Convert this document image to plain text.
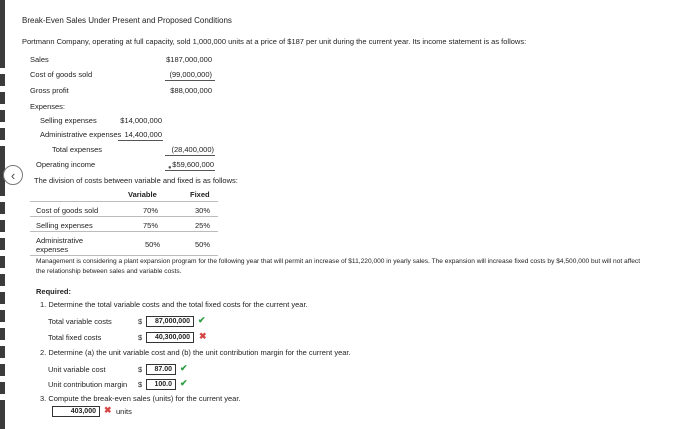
‹
Break-Even Sales Under Present and Proposed Conditions
Portmann Company, operating at full capacity, sold 1,000,000 units at a price of $187 per unit during the current year. Its income statement is as follows:
Sales	$187,000,000
Cost of goods sold	(99,000,000)
Gross profit	$88,000,000
Expenses:
Selling expenses	$14,000,000
Administrative expenses 14,400,000
Total expenses	(28,400,000)
Operating income	$59,600,000
●
The division of costs between variable and fixed is as follows:
Variable	Fixed
Cost of goods sold	70%	30%
Selling expenses	75%	25%
Administrative expenses
50%	50%
Management is considering a plant expansion program for the following year that will permit an increase of $11,220,000 in yearly sales. The expansion will increase fixed costs by $4,500,000 but will not affect
the relationship between sales and variable costs.
Required:
1. Determine the total variable costs and the total fixed costs for the current year.
Total variable costs	$	87,000,000 ✔
Total fixed costs	$	40,300,000	✖
2. Determine (a) the unit variable cost and (b) the unit contribution margin for the current year.
Unit variable cost	$	87.00 ✔
Unit contribution margin $	100.0 ✔
3. Compute the break-even sales (units) for the current year.
403,000 ✖ units
